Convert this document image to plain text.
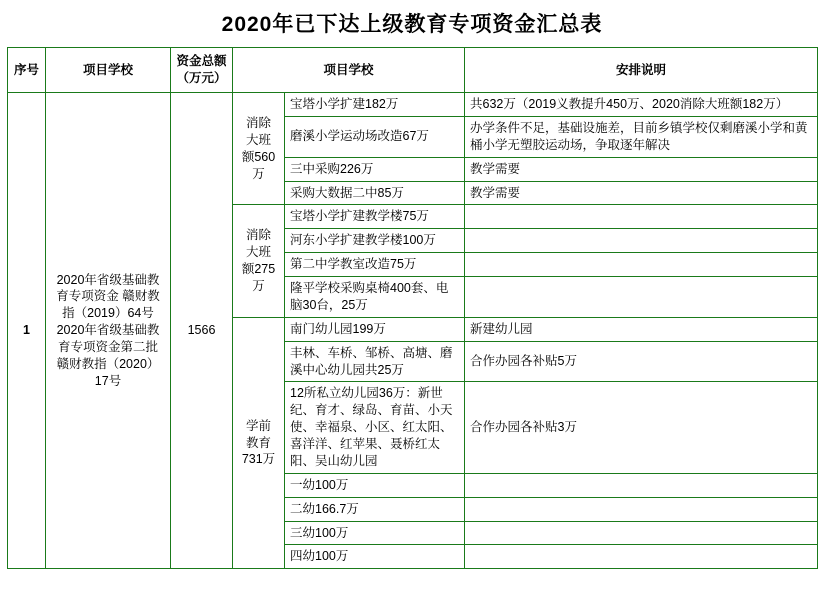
2020年已下达上级教育专项资金汇总表
序号	项目学校	资金总额（万元）	项目学校		安排说明
1	2020年省级基础教
育专项资金 赣财教
指（2019）64号
2020年省级基础教
育专项资金第二批
赣财教指（2020）
17号	1566	消除
大班
额560
万	宝塔小学扩建182万	共632万（2019义教提升450万、2020消除大班额182万）
				磨溪小学运动场改造67万	办学条件不足，基础设施差，目前乡镇学校仅剩磨溪小学和黄桶小学无塑胶运动场，争取逐年解决
				三中采购226万	教学需要
				采购大数据二中85万	教学需要
			消除
大班
额275
万	宝塔小学扩建教学楼75万	
				河东小学扩建教学楼100万	
				第二中学教室改造75万	
				隆平学校采购桌椅400套、电脑30台，25万	
			学前
教育
731万	南门幼儿园199万	新建幼儿园
				丰林、车桥、邹桥、高塘、磨溪中心幼儿园共25万	合作办园各补贴5万
				12所私立幼儿园36万：新世纪、育才、绿岛、育苗、小天使、幸福泉、小区、红太阳、喜洋洋、红苹果、聂桥红太阳、吴山幼儿园	合作办园各补贴3万
				一幼100万	
				二幼166.7万	
				三幼100万	
				四幼100万	
